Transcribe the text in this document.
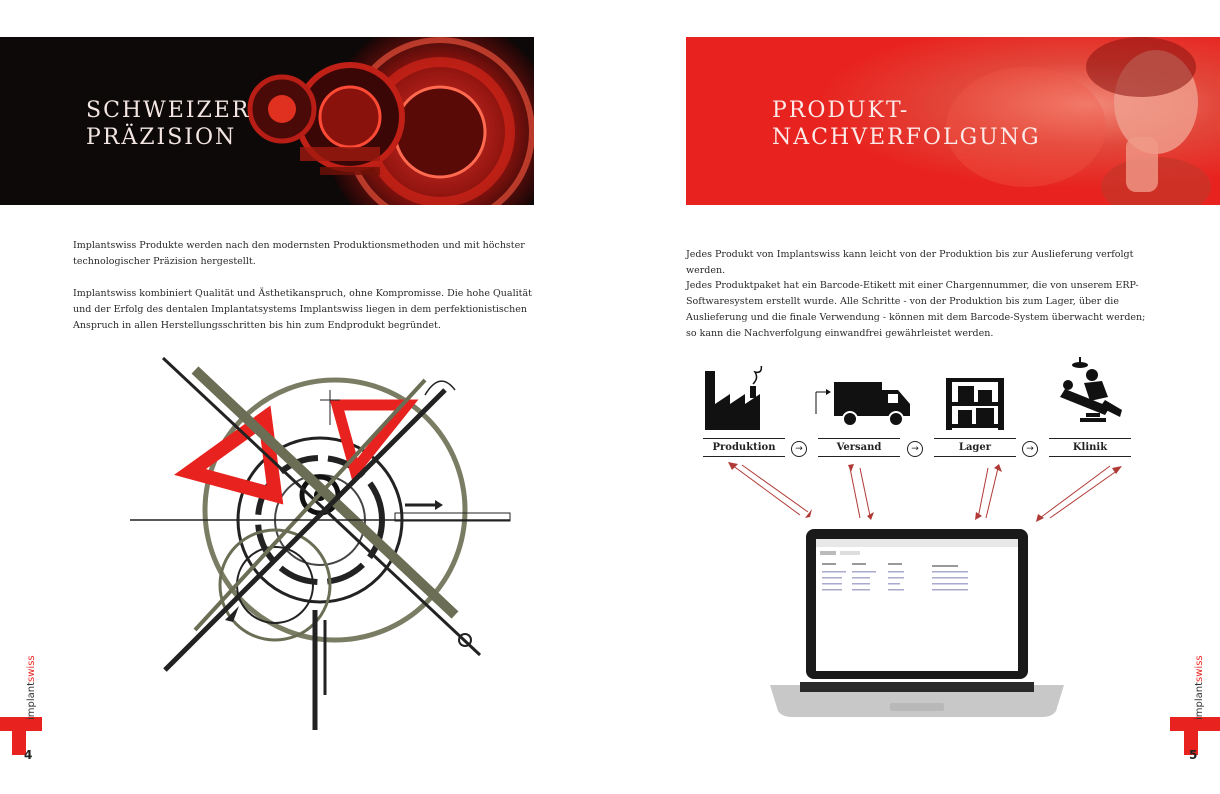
SCHWEIZER
PRÄZISION

Implantswiss Produkte werden nach den modernsten Produktionsmethoden und mit höchster technologischer Präzision hergestellt.

Implantswiss kombiniert Qualität und Ästhetikanspruch, ohne Kompromisse. Die hohe Qualität und der Erfolg des dentalen Implantatsystems Implantswiss liegen in dem perfektionistischen Anspruch in allen Herstellungsschritten bis hin zum Endprodukt begründet.

implantswiss
4
PRODUKT-
NACHVERFOLGUNG

Jedes Produkt von Implantswiss kann leicht von der Produktion bis zur Auslieferung verfolgt werden.

Jedes Produktpaket hat ein Barcode-Etikett mit einer Chargennummer, die von unserem ERP-Softwaresystem erstellt wurde. Alle Schritte - von der Produktion bis zum Lager, über die Auslieferung und die finale Verwendung - können mit dem Barcode-System überwacht werden; so kann die Nachverfolgung einwandfrei gewährleistet werden.

Produktion	→	Versand	→	Lager	→	Klinik
implantswiss
5
